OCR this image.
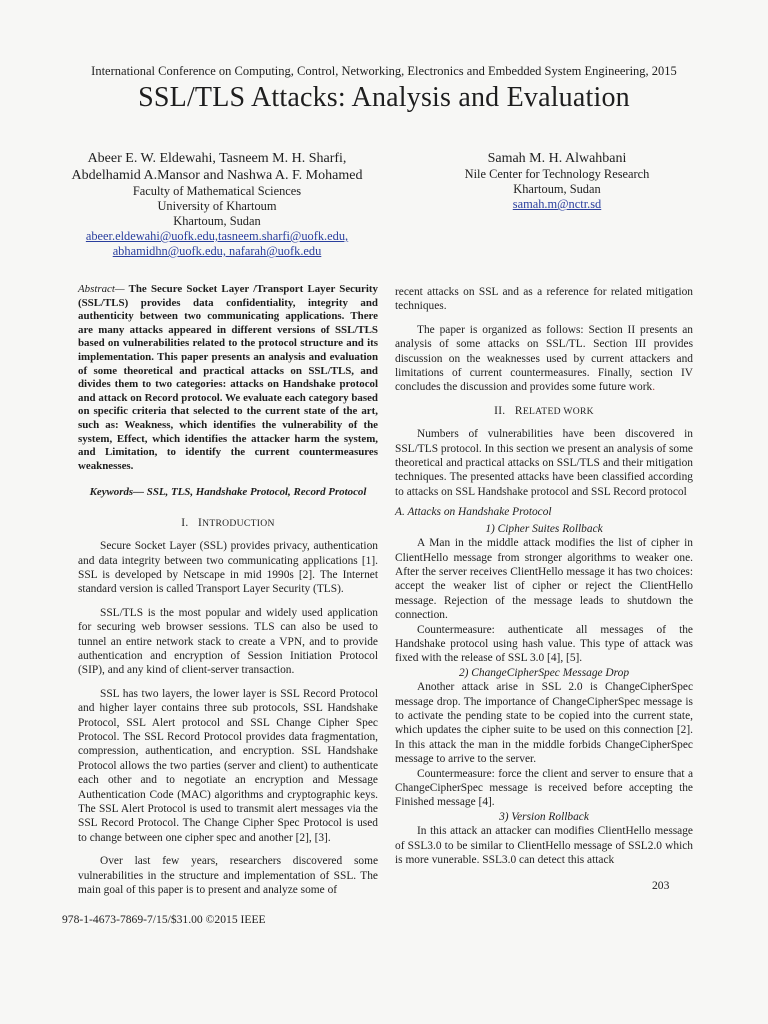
International Conference on Computing, Control, Networking, Electronics and Embedded System Engineering, 2015
SSL/TLS Attacks: Analysis and Evaluation
Abeer E. W. Eldewahi, Tasneem M. H. Sharfi,
Abdelhamid A.Mansor and Nashwa A. F. Mohamed
Faculty of Mathematical Sciences
University of Khartoum
Khartoum, Sudan
abeer.eldewahi@uofk.edu,tasneem.sharfi@uofk.edu,
abhamidhn@uofk.edu, nafarah@uofk.edu
Samah M. H. Alwahbani
Nile Center for Technology Research
Khartoum, Sudan
samah.m@nctr.sd

Abstract— The Secure Socket Layer /Transport Layer Security (SSL/TLS) provides data confidentiality, integrity and authenticity between two communicating applications. There are many attacks appeared in different versions of SSL/TLS based on vulnerabilities related to the protocol structure and its implementation. This paper presents an analysis and evaluation of some theoretical and practical attacks on SSL/TLS, and divides them to two categories: attacks on Handshake protocol and attack on Record protocol. We evaluate each category based on specific criteria that selected to the current state of the art, such as: Weakness, which identifies the vulnerability of the system, Effect, which identifies the attacker harm the system, and Limitation, to identify the current countermeasures weaknesses.

Keywords— SSL, TLS, Handshake Protocol, Record Protocol

I. INTRODUCTION

Secure Socket Layer (SSL) provides privacy, authentication and data integrity between two communicating applications [1]. SSL is developed by Netscape in mid 1990s [2]. The Internet standard version is called Transport Layer Security (TLS).

SSL/TLS is the most popular and widely used application for securing web browser sessions. TLS can also be used to tunnel an entire network stack to create a VPN, and to provide authentication and encryption of Session Initiation Protocol (SIP), and any kind of client-server transaction.

SSL has two layers, the lower layer is SSL Record Protocol and higher layer contains three sub protocols, SSL Handshake Protocol, SSL Alert protocol and SSL Change Cipher Spec Protocol. The SSL Record Protocol provides data fragmentation, compression, authentication, and encryption. SSL Handshake Protocol allows the two parties (server and client) to authenticate each other and to negotiate an encryption and Message Authentication Code (MAC) algorithms and cryptographic keys. The SSL Alert Protocol is used to transmit alert messages via the SSL Record Protocol. The Change Cipher Spec Protocol is used to change between one cipher spec and another [2], [3].

Over last few years, researchers discovered some vulnerabilities in the structure and implementation of SSL. The main goal of this paper is to present and analyze some of

recent attacks on SSL and as a reference for related mitigation techniques.

The paper is organized as follows: Section II presents an analysis of some attacks on SSL/TL. Section III provides discussion on the weaknesses used by current attackers and limitations of current countermeasures. Finally, section IV concludes the discussion and provides some future work.

II. RELATED WORK

Numbers of vulnerabilities have been discovered in SSL/TLS protocol. In this section we present an analysis of some theoretical and practical attacks on SSL/TLS and their mitigation techniques. The presented attacks have been classified according to attacks on SSL Handshake protocol and SSL Record protocol

A. Attacks on Handshake Protocol

1) Cipher Suites Rollback

A Man in the middle attack modifies the list of cipher in ClientHello message from stronger algorithms to weaker one. After the server receives ClientHello message it has two choices: accept the weaker list of cipher or reject the ClientHello message. Rejection of the message leads to shutdown the connection.

Countermeasure: authenticate all messages of the Handshake protocol using hash value. This type of attack was fixed with the release of SSL 3.0 [4], [5].

2) ChangeCipherSpec Message Drop

Another attack arise in SSL 2.0 is ChangeCipherSpec message drop. The importance of ChangeCipherSpec message is to activate the pending state to be copied into the current state, which updates the cipher suite to be used on this connection [2]. In this attack the man in the middle forbids ChangeCipherSpec message to arrive to the server.

Countermeasure: force the client and server to ensure that a ChangeCipherSpec message is received before accepting the Finished message [4].

3) Version Rollback

In this attack an attacker can modifies ClientHello message of SSL3.0 to be similar to ClientHello message of SSL2.0 which is more vunerable. SSL3.0 can detect this attack

978-1-4673-7869-7/15/$31.00 ©2015 IEEE
203
